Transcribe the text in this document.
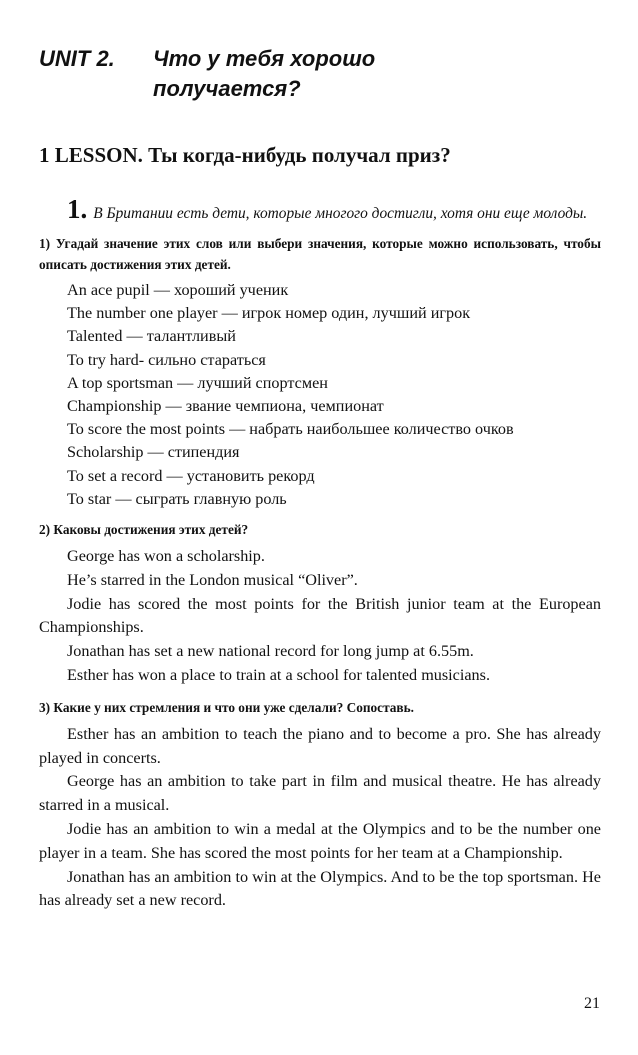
UNIT 2.	Что у тебя хорошо получается?
1 LESSON. Ты когда-нибудь получал приз?
1. В Британии есть дети, которые многого достигли, хотя они еще молоды.
1) Угадай значение этих слов или выбери значения, которые можно использовать, чтобы описать достижения этих детей.
An ace pupil — хороший ученик
The number one player — игрок номер один, лучший игрок
Talented — талантливый
To try hard- сильно стараться
A top sportsman — лучший спортсмен
Championship — звание чемпиона, чемпионат
To score the most points — набрать наибольшее количество очков
Scholarship — стипендия
To set a record — установить рекорд
To star — сыграть главную роль
2) Каковы достижения этих детей?
George has won a scholarship.
He’s starred in the London musical “Oliver”.
Jodie has scored the most points for the British junior team at the European Championships.
Jonathan has set a new national record for long jump at 6.55m.
Esther has won a place to train at a school for talented musicians.
3) Какие у них стремления и что они уже сделали? Сопоставь.
Esther has an ambition to teach the piano and to become a pro. She has already played in concerts.
George has an ambition to take part in film and musical theatre. He has already starred in a musical.
Jodie has an ambition to win a medal at the Olympics and to be the number one player in a team. She has scored the most points for her team at a Championship.
Jonathan has an ambition to win at the Olympics. And to be the top sportsman. He has already set a new record.
21
